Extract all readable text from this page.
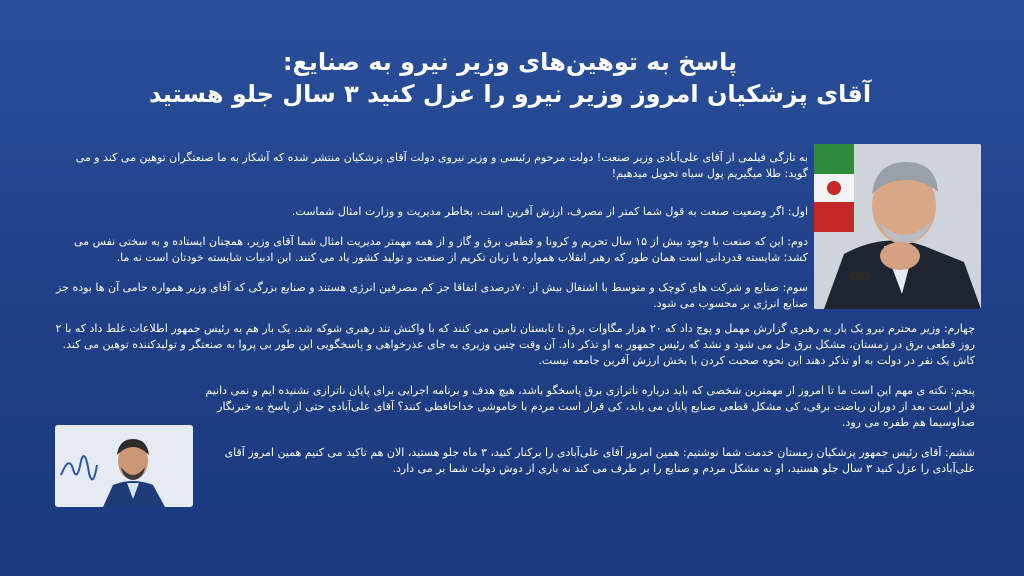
پاسخ به توهین‌های وزیر نیرو به صنایع:

آقای پزشکیان امروز وزیر نیرو را عزل کنید ۳ سال جلو هستید

به تازگی فیلمی از آقای علی‌آبادی وزیر صنعت! دولت مرحوم رئیسی و وزیر نیروی دولت آقای پزشکیان منتشر شده که آشکار به ما صنعتگران توهین می کند و می گوید: طلا میگیریم پول سیاه تحویل میدهیم!

اول: اگر وضعیت صنعت به قول شما کمتر از مصرف، ارزش آفرین است، بخاطر مدیریت و وزارت امثال شماست.

دوم: این که صنعت با وجود بیش از ۱۵ سال تحریم و کرونا و قطعی برق و گاز و از همه مهمتر مدیریت امثال شما آقای وزیر، همچنان ایستاده و به سختی نفس می کشد؛ شایسته قدردانی است همان طور که رهبر انقلاب همواره با زبان تکریم از صنعت و تولید کشور یاد می کنند. این ادبیات شایسته خودتان است نه ما.

سوم: صنایع و شرکت های کوچک و متوسط با اشتغال بیش از ۷۰درصدی اتفاقا جز کم مصرفین انرژی هستند و صنایع بزرگی که آقای وزیر همواره حامی آن ها بوده جز صنایع انرژی بر محسوب می شود.

چهارم: وزیر محترم نیرو یک بار به رهبری گزارش مهمل و پوچ داد که ۲۰ هزار مگاوات برق تا تابستان تامین می کنند که با واکنش تند رهبری شوکه شد، یک بار هم به رئیس جمهور اطلاعات غلط داد که با ۲ روز قطعی برق در زمستان، مشکل برق حل می شود و نشد که رئیس جمهور به او تذکر داد. آن وقت چنین وزیری به جای عذرخواهی و پاسخگویی این طور بی پروا به صنعتگر و تولیدکننده توهین می کند. کاش یک نفر در دولت به او تذکر دهند این نحوه صحبت کردن با بخش ارزش آفرین جامعه نیست.

پنجم: نکته ی مهم این است ما تا امروز از مهمترین شخصی که باید درباره ناترازی برق پاسخگو باشد، هیچ هدف و برنامه اجرایی برای پایان ناترازی نشنیده ایم و نمی دانیم قرار است بعد از دوران ریاضت برقی، کی مشکل قطعی صنایع پایان می یابد، کی قرار است مردم با خاموشی خداحافظی کنند؟ آقای علی‌آبادی حتی از پاسخ به خبرنگار صداوسیما هم طفره می رود.

ششم: آقای رئیس جمهور پزشکیان زمستان خدمت شما نوشتیم: همین امروز آقای علی‌آبادی را برکنار کنید، ۳ ماه جلو هستید، الان هم تاکید می کنیم همین امروز آقای علی‌آبادی را عزل کنید ۳ سال جلو هستید، او نه مشکل مردم و صنایع را بر طرف می کند نه باری از دوش دولت شما بر می دارد.
